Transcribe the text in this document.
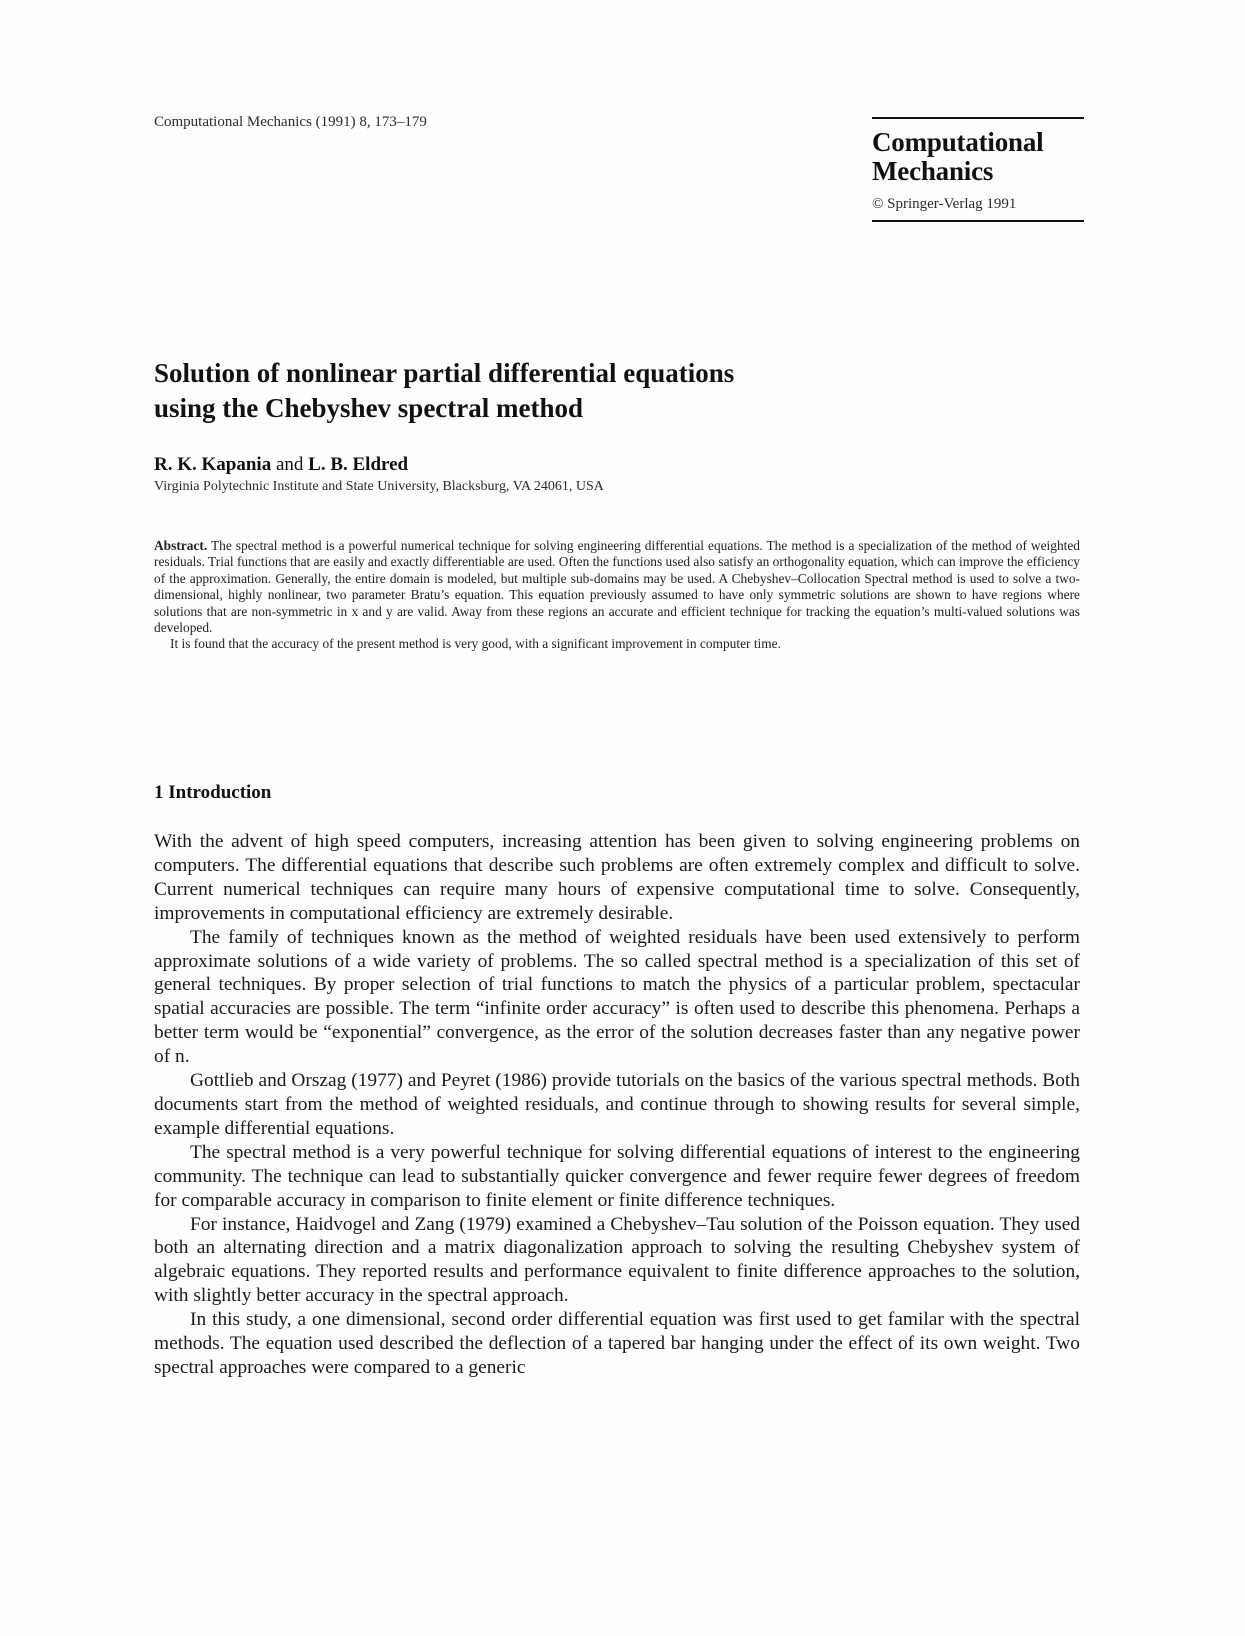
Computational Mechanics (1991) 8, 173–179
Computational
Mechanics
© Springer-Verlag 1991
Solution of nonlinear partial differential equations
using the Chebyshev spectral method
R. K. Kapania and L. B. Eldred
Virginia Polytechnic Institute and State University, Blacksburg, VA 24061, USA

Abstract. The spectral method is a powerful numerical technique for solving engineering differential equations. The method is a specialization of the method of weighted residuals. Trial functions that are easily and exactly differentiable are used. Often the functions used also satisfy an orthogonality equation, which can improve the efficiency of the approximation. Generally, the entire domain is modeled, but multiple sub-domains may be used. A Chebyshev–Collocation Spectral method is used to solve a two-dimensional, highly nonlinear, two parameter Bratu’s equation. This equation previously assumed to have only symmetric solutions are shown to have regions where solutions that are non-symmetric in x and y are valid. Away from these regions an accurate and efficient technique for tracking the equation’s multi-valued solutions was developed.

It is found that the accuracy of the present method is very good, with a significant improvement in computer time.

1 Introduction

With the advent of high speed computers, increasing attention has been given to solving engineering problems on computers. The differential equations that describe such problems are often extremely complex and difficult to solve. Current numerical techniques can require many hours of expensive computational time to solve. Consequently, improvements in computational efficiency are extremely desirable.

The family of techniques known as the method of weighted residuals have been used extensively to perform approximate solutions of a wide variety of problems. The so called spectral method is a specialization of this set of general techniques. By proper selection of trial functions to match the physics of a particular problem, spectacular spatial accuracies are possible. The term “infinite order accuracy” is often used to describe this phenomena. Perhaps a better term would be “exponential” convergence, as the error of the solution decreases faster than any negative power of n.

Gottlieb and Orszag (1977) and Peyret (1986) provide tutorials on the basics of the various spectral methods. Both documents start from the method of weighted residuals, and continue through to showing results for several simple, example differential equations.

The spectral method is a very powerful technique for solving differential equations of interest to the engineering community. The technique can lead to substantially quicker convergence and fewer require fewer degrees of freedom for comparable accuracy in comparison to finite element or finite difference techniques.

For instance, Haidvogel and Zang (1979) examined a Chebyshev–Tau solution of the Poisson equation. They used both an alternating direction and a matrix diagonalization approach to solving the resulting Chebyshev system of algebraic equations. They reported results and performance equivalent to finite difference approaches to the solution, with slightly better accuracy in the spectral approach.

In this study, a one dimensional, second order differential equation was first used to get familar with the spectral methods. The equation used described the deflection of a tapered bar hanging under the effect of its own weight. Two spectral approaches were compared to a generic
